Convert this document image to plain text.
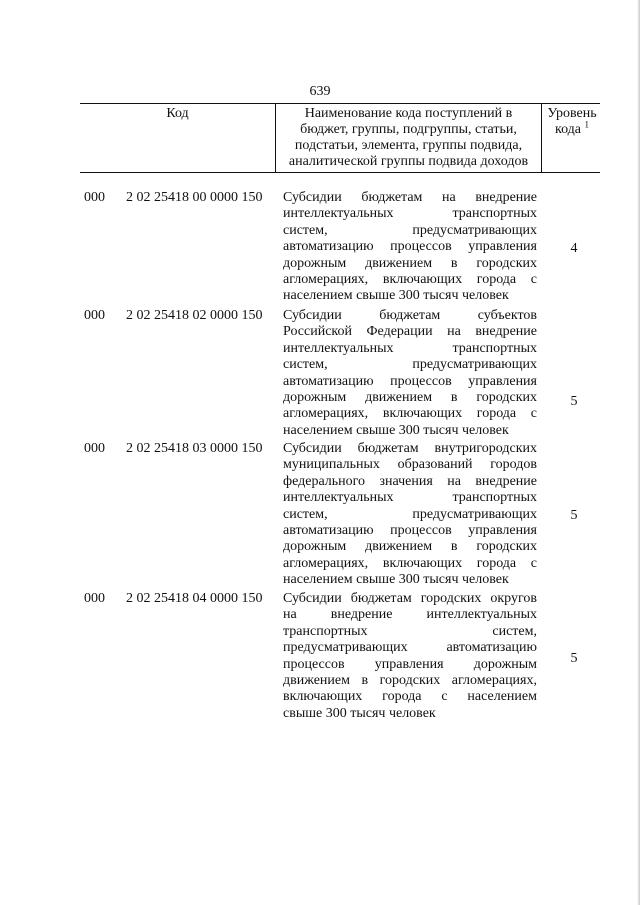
639
Код	Наименование кода поступлений в
бюджет, группы, подгруппы, статьи,
подстатьи, элемента, группы подвида,
аналитической группы подвида доходов
Уровень
кода $^1$
000	2 02 25418 00 0000 150	Субсидии бюджетам на внедрение
интеллектуальных транспортных
систем, предусматривающих
автоматизацию процессов управления
дорожным движением в городских
агломерациях, включающих города с
населением свыше 300 тысяч человек
4
000	2 02 25418 02 0000 150	Субсидии бюджетам субъектов
Российской Федерации на внедрение
интеллектуальных транспортных
систем, предусматривающих
автоматизацию процессов управления
дорожным движением в городских
агломерациях, включающих города с
населением свыше 300 тысяч человек
5
000	2 02 25418 03 0000 150	Субсидии бюджетам внутригородских
муниципальных образований городов
федерального значения на внедрение
интеллектуальных транспортных
систем, предусматривающих
автоматизацию процессов управления
дорожным движением в городских
агломерациях, включающих города с
населением свыше 300 тысяч человек
5
000	2 02 25418 04 0000 150	Субсидии бюджетам городских округов
на внедрение интеллектуальных
транспортных систем,
предусматривающих автоматизацию
процессов управления дорожным
движением в городских агломерациях,
включающих города с населением
свыше 300 тысяч человек
5
